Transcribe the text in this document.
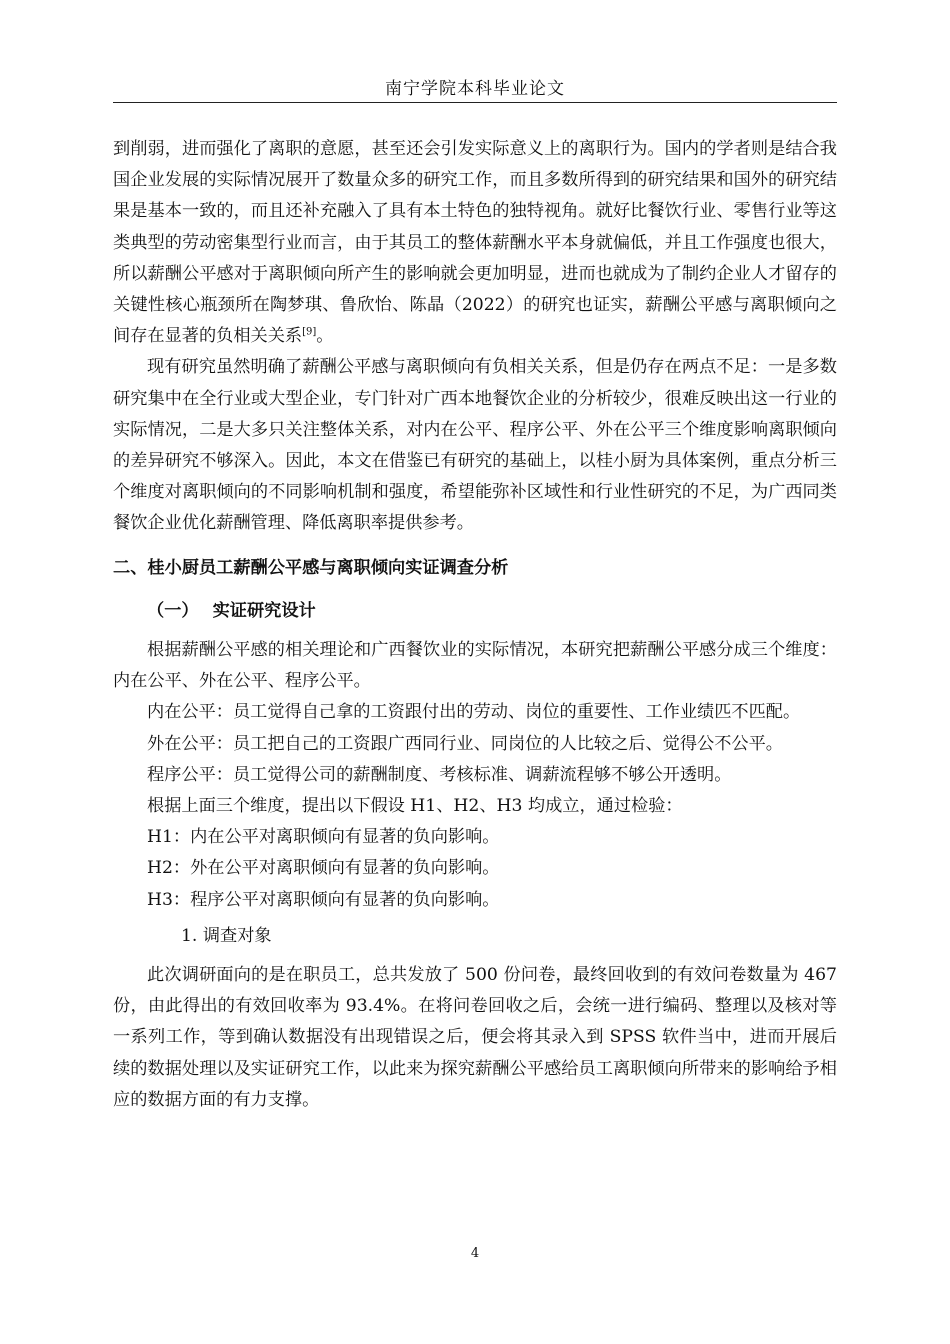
南宁学院本科毕业论文

到削弱，进而强化了离职的意愿，甚至还会引发实际意义上的离职行为。国内的学者则是结合我国企业发展的实际情况展开了数量众多的研究工作，而且多数所得到的研究结果和国外的研究结果是基本一致的，而且还补充融入了具有本土特色的独特视角。就好比餐饮行业、零售行业等这类典型的劳动密集型行业而言，由于其员工的整体薪酬水平本身就偏低，并且工作强度也很大，所以薪酬公平感对于离职倾向所产生的影响就会更加明显，进而也就成为了制约企业人才留存的关键性核心瓶颈所在陶梦琪、鲁欣怡、陈晶（2022）的研究也证实，薪酬公平感与离职倾向之间存在显著的负相关关系[9]。

现有研究虽然明确了薪酬公平感与离职倾向有负相关关系，但是仍存在两点不足：一是多数研究集中在全行业或大型企业，专门针对广西本地餐饮企业的分析较少，很难反映出这一行业的实际情况，二是大多只关注整体关系，对内在公平、程序公平、外在公平三个维度影响离职倾向的差异研究不够深入。因此，本文在借鉴已有研究的基础上，以桂小厨为具体案例，重点分析三个维度对离职倾向的不同影响机制和强度，希望能弥补区域性和行业性研究的不足，为广西同类餐饮企业优化薪酬管理、降低离职率提供参考。

二、桂小厨员工薪酬公平感与离职倾向实证调查分析
（一） 实证研究设计

根据薪酬公平感的相关理论和广西餐饮业的实际情况，本研究把薪酬公平感分成三个维度：内在公平、外在公平、程序公平。

内在公平：员工觉得自己拿的工资跟付出的劳动、岗位的重要性、工作业绩匹不匹配。

外在公平：员工把自己的工资跟广西同行业、同岗位的人比较之后、觉得公不公平。

程序公平：员工觉得公司的薪酬制度、考核标准、调薪流程够不够公开透明。

根据上面三个维度，提出以下假设 H1、H2、H3 均成立，通过检验：

H1：内在公平对离职倾向有显著的负向影响。

H2：外在公平对离职倾向有显著的负向影响。

H3：程序公平对离职倾向有显著的负向影响。

1. 调查对象

此次调研面向的是在职员工，总共发放了 500 份问卷，最终回收到的有效问卷数量为 467 份，由此得出的有效回收率为 93.4%。在将问卷回收之后，会统一进行编码、整理以及核对等一系列工作，等到确认数据没有出现错误之后，便会将其录入到 SPSS 软件当中，进而开展后续的数据处理以及实证研究工作，以此来为探究薪酬公平感给员工离职倾向所带来的影响给予相应的数据方面的有力支撑。

4
